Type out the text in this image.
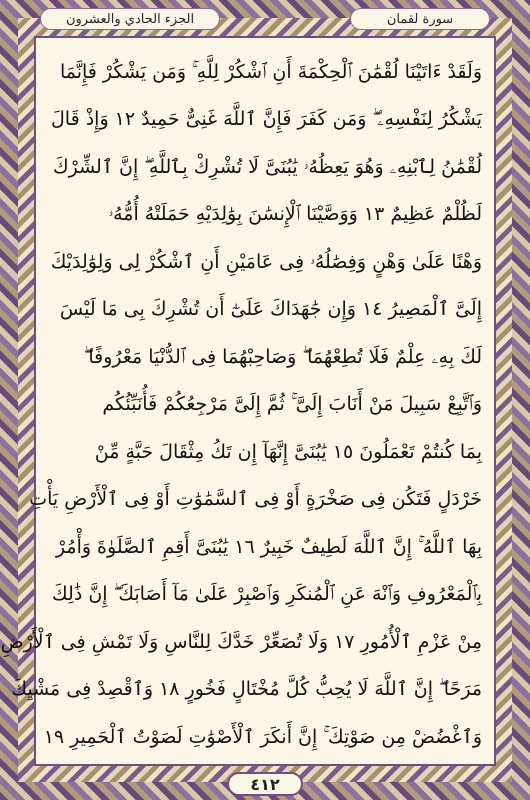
الجزء الحادي والعشرون	سورة لقمان
وَلَقَدْ ءَاتَيْنَا لُقْمَٰنَ ٱلْحِكْمَةَ أَنِ ٱشْكُرْ لِلَّهِ ۚ وَمَن يَشْكُرْ فَإِنَّمَا
يَشْكُرُ لِنَفْسِهِۦ ۖ وَمَن كَفَرَ فَإِنَّ ٱللَّهَ غَنِىٌّ حَمِيدٌ ١٢ وَإِذْ قَالَ
لُقْمَٰنُ لِٱبْنِهِۦ وَهُوَ يَعِظُهُۥ يَٰبُنَىَّ لَا تُشْرِكْ بِٱللَّهِ ۖ إِنَّ ٱلشِّرْكَ
لَظُلْمٌ عَظِيمٌ ١٣ وَوَصَّيْنَا ٱلْإِنسَٰنَ بِوَٰلِدَيْهِ حَمَلَتْهُ أُمُّهُۥ
وَهْنًا عَلَىٰ وَهْنٍ وَفِصَٰلُهُۥ فِى عَامَيْنِ أَنِ ٱشْكُرْ لِى وَلِوَٰلِدَيْكَ
إِلَىَّ ٱلْمَصِيرُ ١٤ وَإِن جَٰهَدَاكَ عَلَىٰٓ أَن تُشْرِكَ بِى مَا لَيْسَ
لَكَ بِهِۦ عِلْمٌ فَلَا تُطِعْهُمَا ۖ وَصَاحِبْهُمَا فِى ٱلدُّنْيَا مَعْرُوفًا ۖ
وَٱتَّبِعْ سَبِيلَ مَنْ أَنَابَ إِلَىَّ ۚ ثُمَّ إِلَىَّ مَرْجِعُكُمْ فَأُنَبِّئُكُم
بِمَا كُنتُمْ تَعْمَلُونَ ١٥ يَٰبُنَىَّ إِنَّهَآ إِن تَكُ مِثْقَالَ حَبَّةٍ مِّنْ
خَرْدَلٍ فَتَكُن فِى صَخْرَةٍ أَوْ فِى ٱلسَّمَٰوَٰتِ أَوْ فِى ٱلْأَرْضِ يَأْتِ
بِهَا ٱللَّهُ ۚ إِنَّ ٱللَّهَ لَطِيفٌ خَبِيرٌ ١٦ يَٰبُنَىَّ أَقِمِ ٱلصَّلَوٰةَ وَأْمُرْ
بِٱلْمَعْرُوفِ وَٱنْهَ عَنِ ٱلْمُنكَرِ وَٱصْبِرْ عَلَىٰ مَآ أَصَابَكَ ۖ إِنَّ ذَٰلِكَ
مِنْ عَزْمِ ٱلْأُمُورِ ١٧ وَلَا تُصَعِّرْ خَدَّكَ لِلنَّاسِ وَلَا تَمْشِ فِى ٱلْأَرْضِ
مَرَحًا ۖ إِنَّ ٱللَّهَ لَا يُحِبُّ كُلَّ مُخْتَالٍ فَخُورٍ ١٨ وَٱقْصِدْ فِى مَشْيِكَ
وَٱغْضُضْ مِن صَوْتِكَ ۚ إِنَّ أَنكَرَ ٱلْأَصْوَٰتِ لَصَوْتُ ٱلْحَمِيرِ ١٩
٤١٢
